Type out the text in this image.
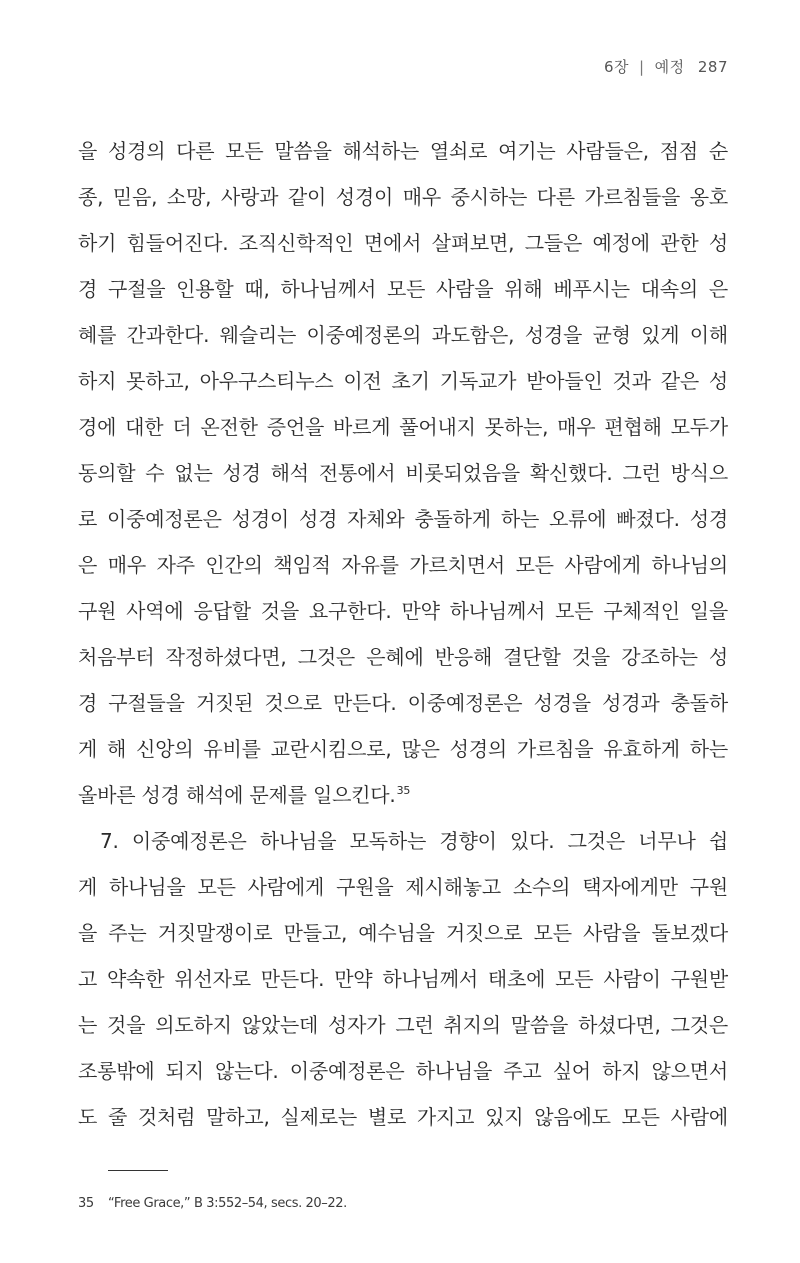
6장 | 예정 287
을 성경의 다른 모든 말씀을 해석하는 열쇠로 여기는 사람들은, 점점 순
종, 믿음, 소망, 사랑과 같이 성경이 매우 중시하는 다른 가르침들을 옹호
하기 힘들어진다. 조직신학적인 면에서 살펴보면, 그들은 예정에 관한 성
경 구절을 인용할 때, 하나님께서 모든 사람을 위해 베푸시는 대속의 은
혜를 간과한다. 웨슬리는 이중예정론의 과도함은, 성경을 균형 있게 이해
하지 못하고, 아우구스티누스 이전 초기 기독교가 받아들인 것과 같은 성
경에 대한 더 온전한 증언을 바르게 풀어내지 못하는, 매우 편협해 모두가
동의할 수 없는 성경 해석 전통에서 비롯되었음을 확신했다. 그런 방식으
로 이중예정론은 성경이 성경 자체와 충돌하게 하는 오류에 빠졌다. 성경
은 매우 자주 인간의 책임적 자유를 가르치면서 모든 사람에게 하나님의
구원 사역에 응답할 것을 요구한다. 만약 하나님께서 모든 구체적인 일을
처음부터 작정하셨다면, 그것은 은혜에 반응해 결단할 것을 강조하는 성
경 구절들을 거짓된 것으로 만든다. 이중예정론은 성경을 성경과 충돌하
게 해 신앙의 유비를 교란시킴으로, 많은 성경의 가르침을 유효하게 하는
올바른 성경 해석에 문제를 일으킨다.$^{35}$
7. 이중예정론은 하나님을 모독하는 경향이 있다. 그것은 너무나 쉽
게 하나님을 모든 사람에게 구원을 제시해놓고 소수의 택자에게만 구원
을 주는 거짓말쟁이로 만들고, 예수님을 거짓으로 모든 사람을 돌보겠다
고 약속한 위선자로 만든다. 만약 하나님께서 태초에 모든 사람이 구원받
는 것을 의도하지 않았는데 성자가 그런 취지의 말씀을 하셨다면, 그것은
조롱밖에 되지 않는다. 이중예정론은 하나님을 주고 싶어 하지 않으면서
도 줄 것처럼 말하고, 실제로는 별로 가지고 있지 않음에도 모든 사람에
35 “Free Grace,” B 3:552–54, secs. 20–22.
